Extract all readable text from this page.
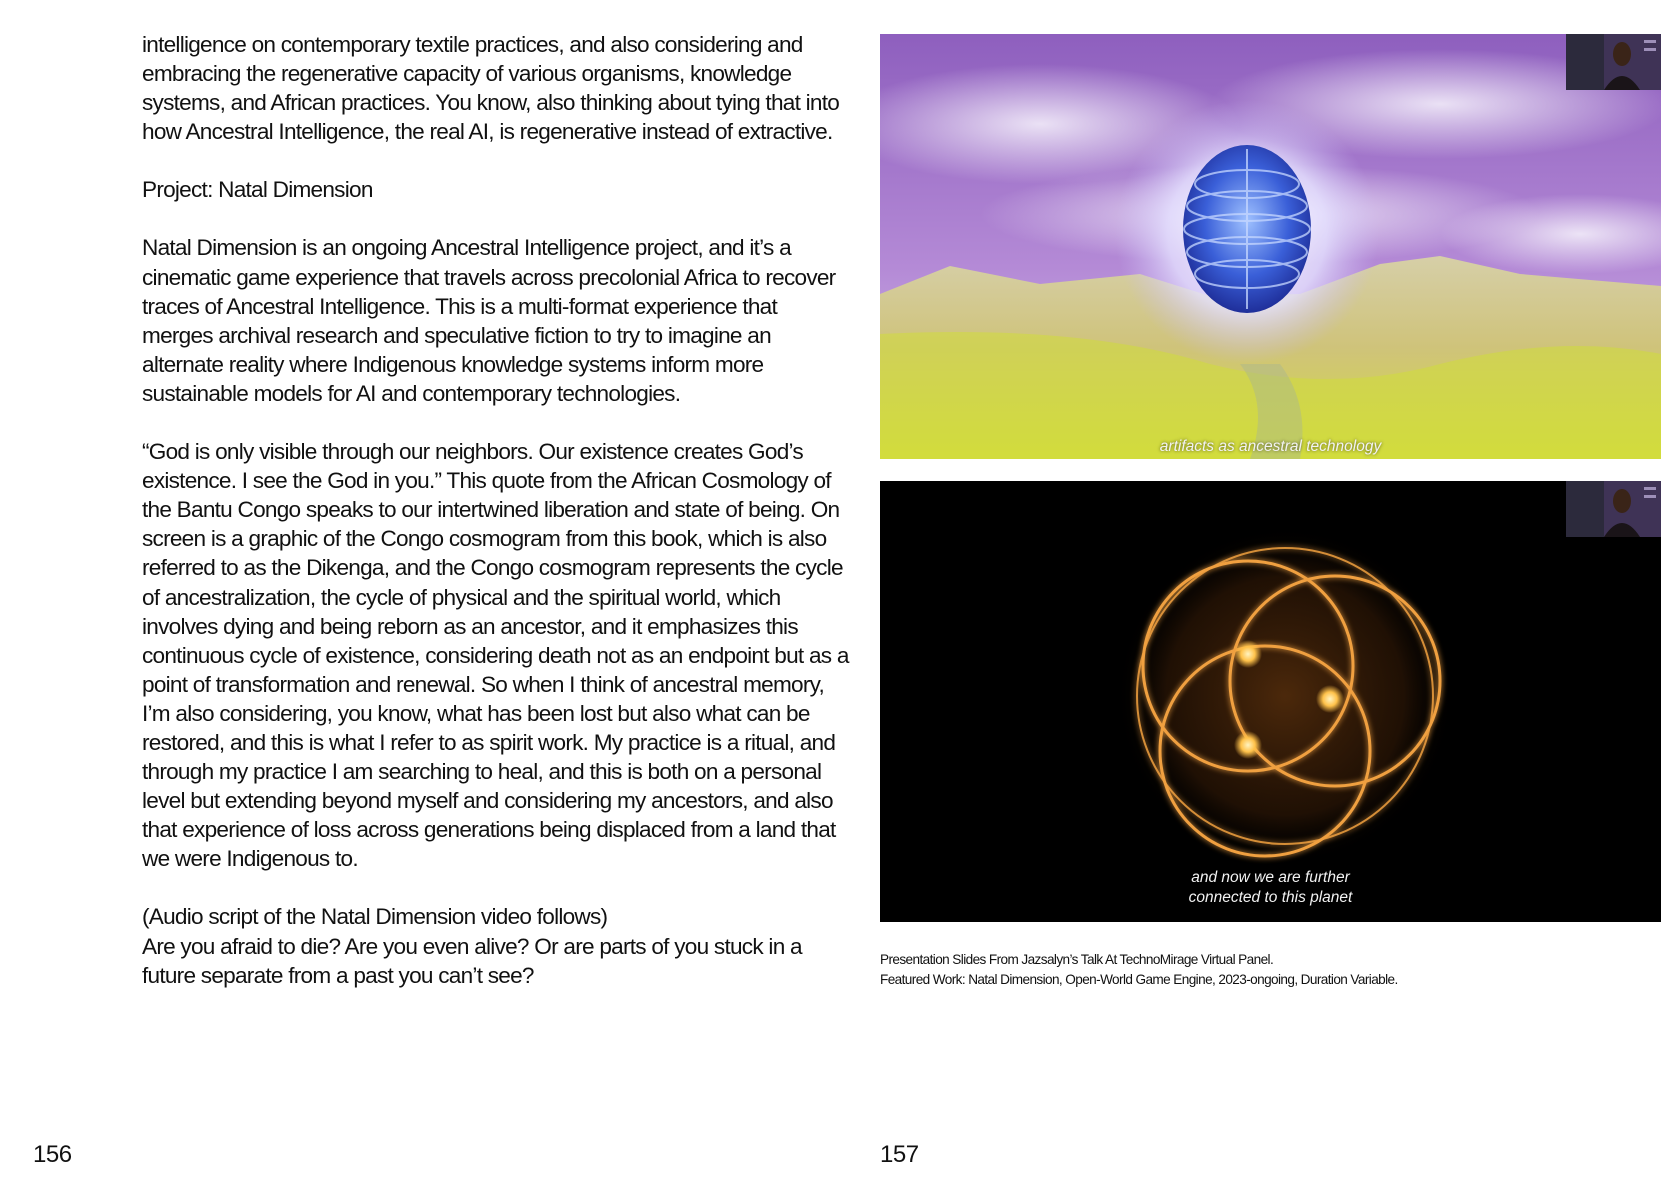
intelligence on contemporary textile practices, and also considering and embracing the regenerative capacity of various organisms, knowledge systems, and African practices. You know, also thinking about tying that into how Ancestral Intelligence, the real AI, is regenerative instead of extractive.

Project: Natal Dimension

Natal Dimension is an ongoing Ancestral Intelligence project, and it’s a cinematic game experience that travels across precolonial Africa to recover traces of Ancestral Intelligence. This is a multi-format experience that merges archival research and speculative fiction to try to imagine an alternate reality where Indigenous knowledge systems inform more sustainable models for AI and contemporary technologies.

“God is only visible through our neighbors. Our existence creates God’s existence. I see the God in you.” This quote from the African Cosmology of the Bantu Congo speaks to our intertwined liberation and state of being. On screen is a graphic of the Congo cosmogram from this book, which is also referred to as the Dikenga, and the Congo cosmogram represents the cycle of ancestralization, the cycle of physical and the spiritual world, which involves dying and being reborn as an ancestor, and it emphasizes this continuous cycle of existence, considering death not as an endpoint but as a point of transformation and renewal. So when I think of ancestral memory, I’m also considering, you know, what has been lost but also what can be restored, and this is what I refer to as spirit work. My practice is a ritual, and through my practice I am searching to heal, and this is both on a personal level but extending beyond myself and considering my ancestors, and also that experience of loss across generations being displaced from a land that we were Indigenous to.

(Audio script of the Natal Dimension video follows)

Are you afraid to die? Are you even alive? Or are parts of you stuck in a future separate from a past you can’t see?

156
artifacts as ancestral technology
and now we are further
connected to this planet

Presentation Slides From Jazsalyn’s Talk At TechnoMirage Virtual Panel.

Featured Work: Natal Dimension, Open-World Game Engine, 2023-ongoing, Duration Variable.

157
